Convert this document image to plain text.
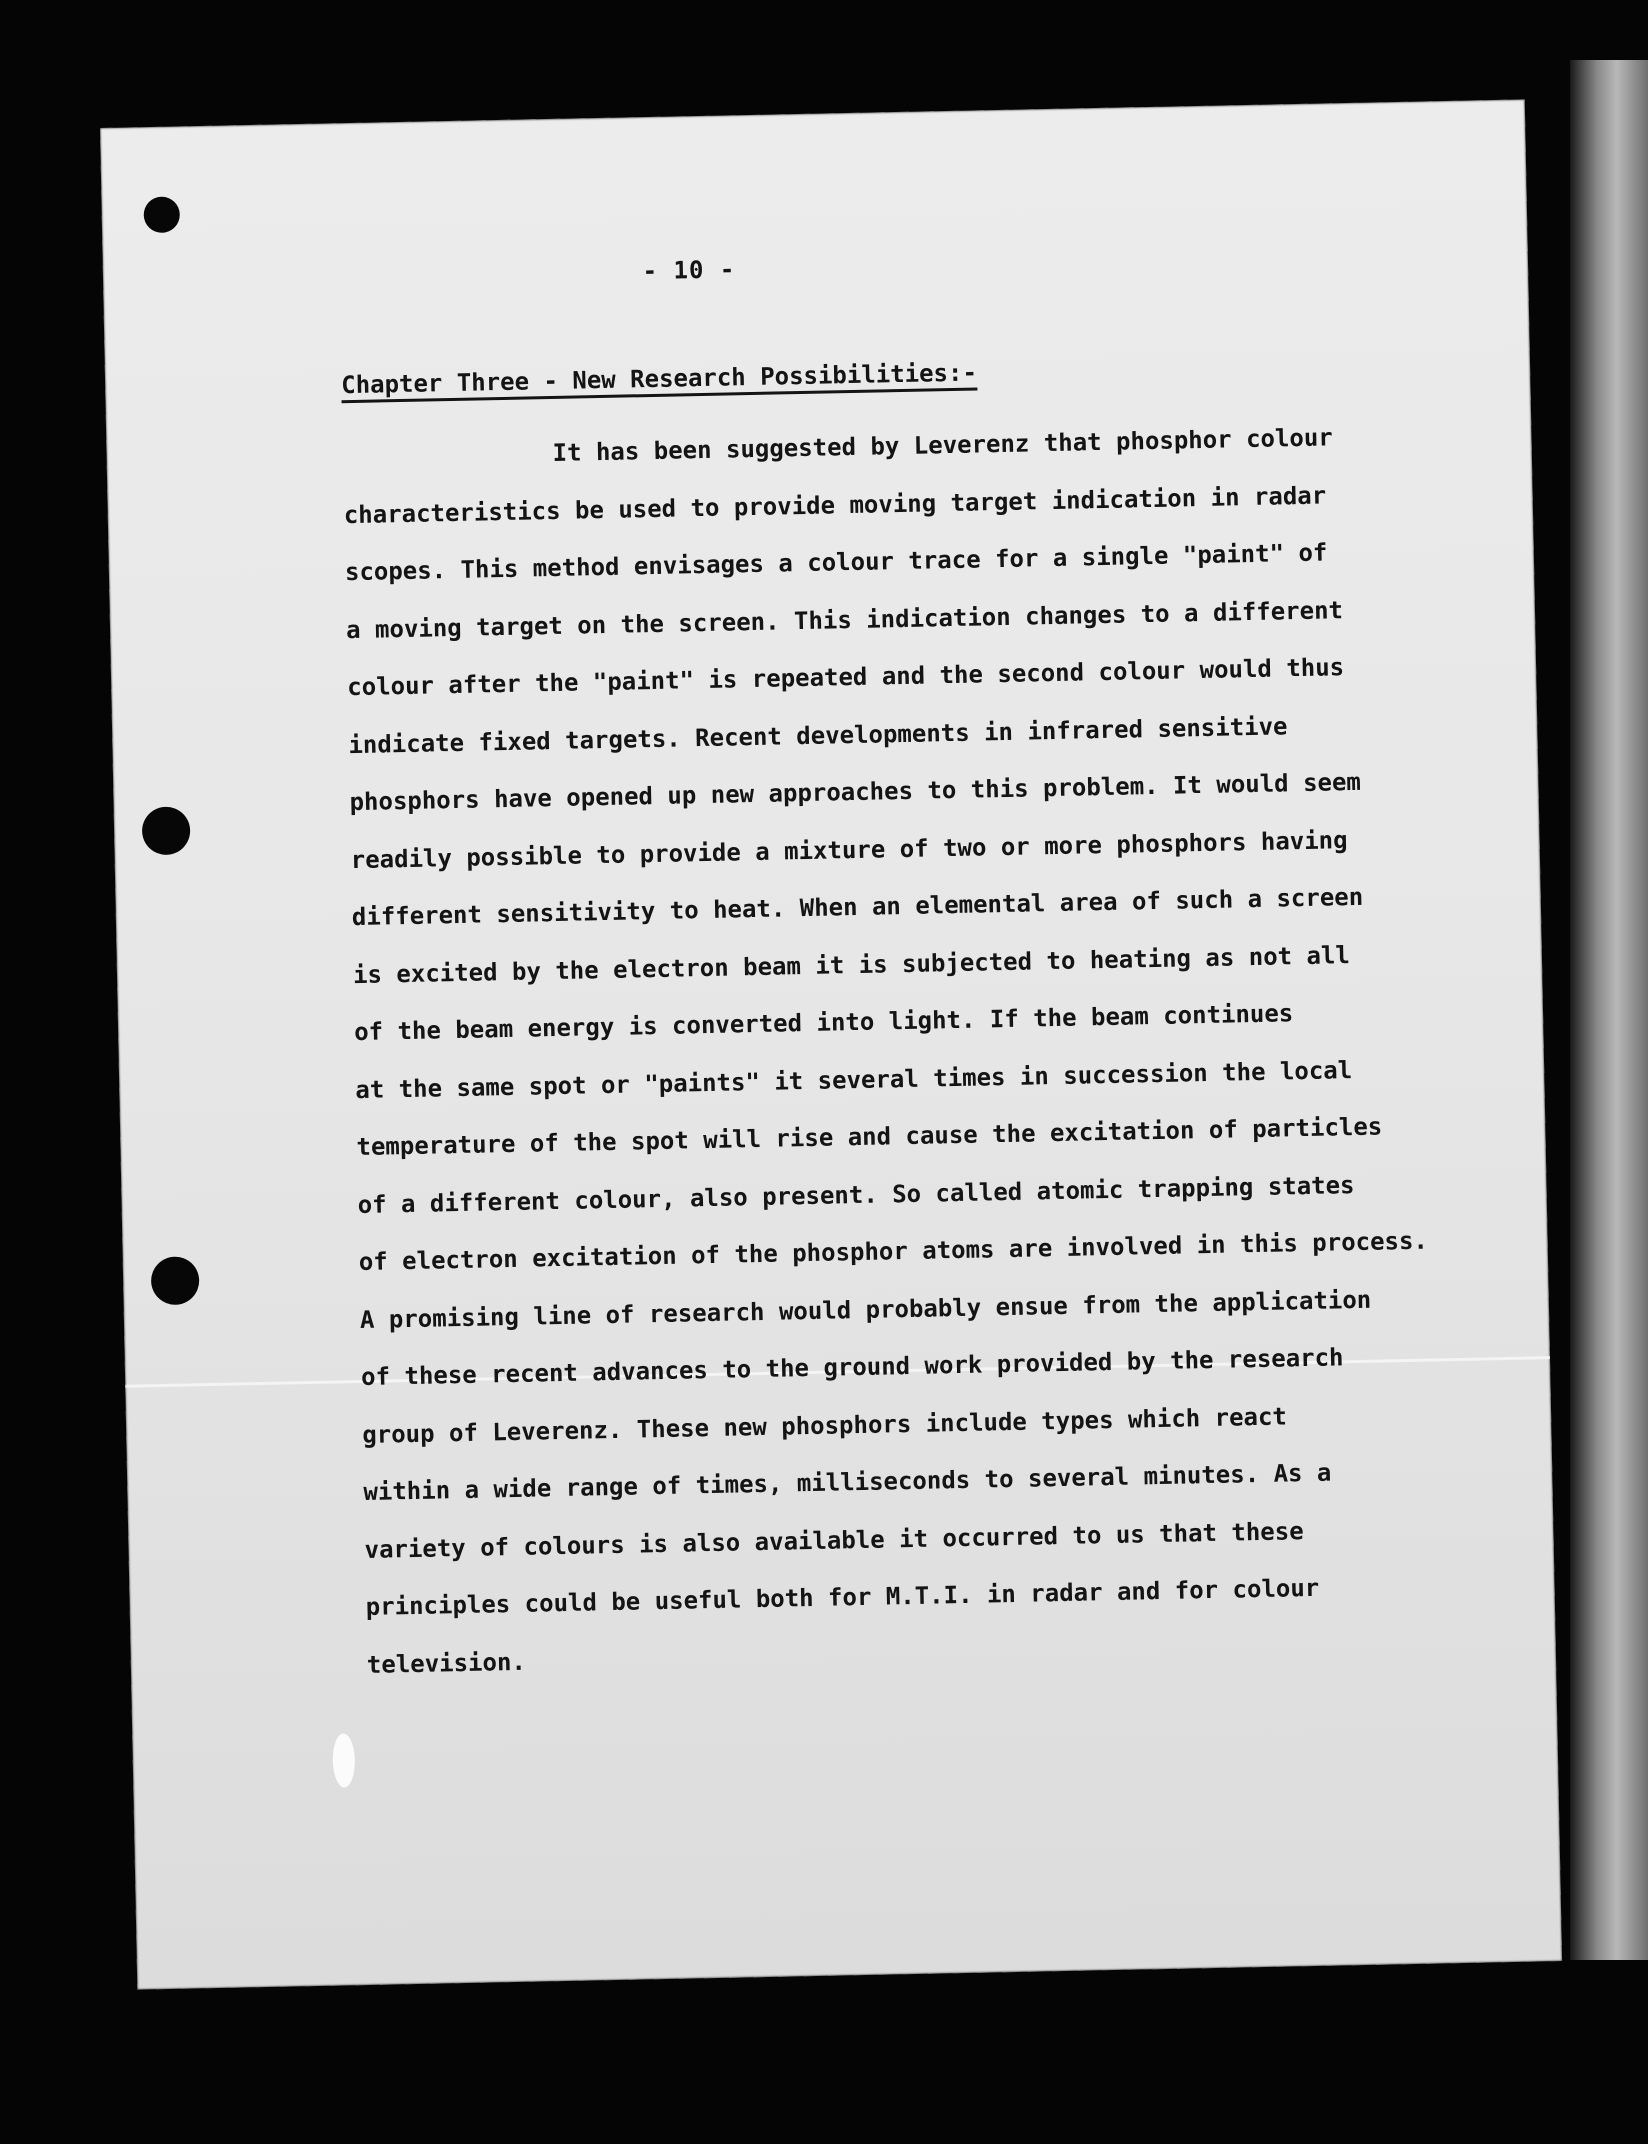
- 10 -
Chapter Three - New Research Possibilities:-
It has been suggested by Leverenz that phosphor colour
characteristics be used to provide moving target indication in radar
scopes. This method envisages a colour trace for a single "paint" of
a moving target on the screen. This indication changes to a different
colour after the "paint" is repeated and the second colour would thus
indicate fixed targets. Recent developments in infrared sensitive
phosphors have opened up new approaches to this problem. It would seem
readily possible to provide a mixture of two or more phosphors having
different sensitivity to heat. When an elemental area of such a screen
is excited by the electron beam it is subjected to heating as not all
of the beam energy is converted into light. If the beam continues
at the same spot or "paints" it several times in succession the local
temperature of the spot will rise and cause the excitation of particles
of a different colour, also present. So called atomic trapping states
of electron excitation of the phosphor atoms are involved in this process.
A promising line of research would probably ensue from the application
of these recent advances to the ground work provided by the research
group of Leverenz. These new phosphors include types which react
within a wide range of times, milliseconds to several minutes. As a
variety of colours is also available it occurred to us that these
principles could be useful both for M.T.I. in radar and for colour
television.
